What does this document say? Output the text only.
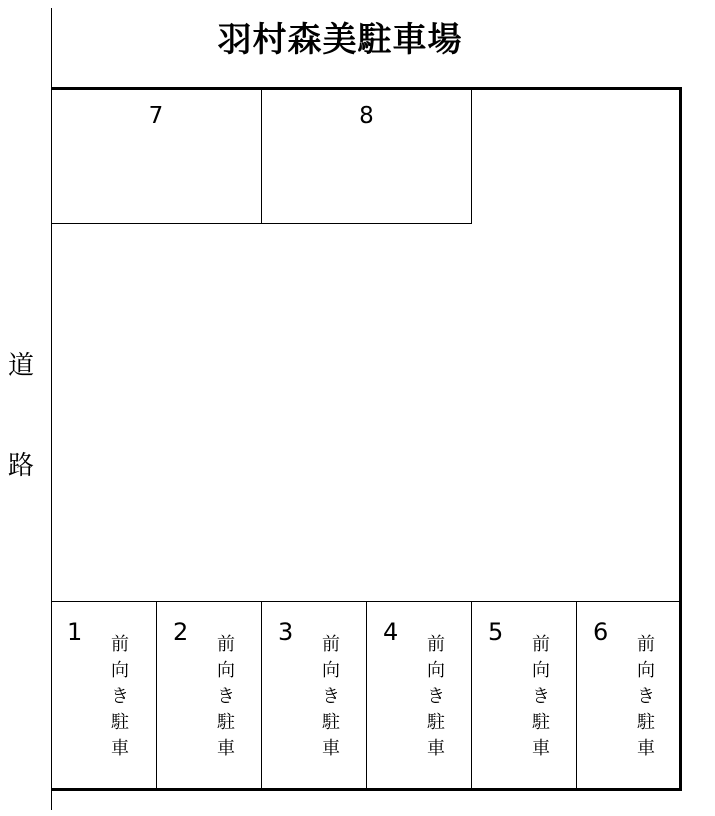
羽村森美駐車場
道
路
7	8
1 前
向
き
駐
車
2 前
向
き
駐
車
3 前
向
き
駐
車
4 前
向
き
駐
車
5 前
向
き
駐
車
6 前
向
き
駐
車
